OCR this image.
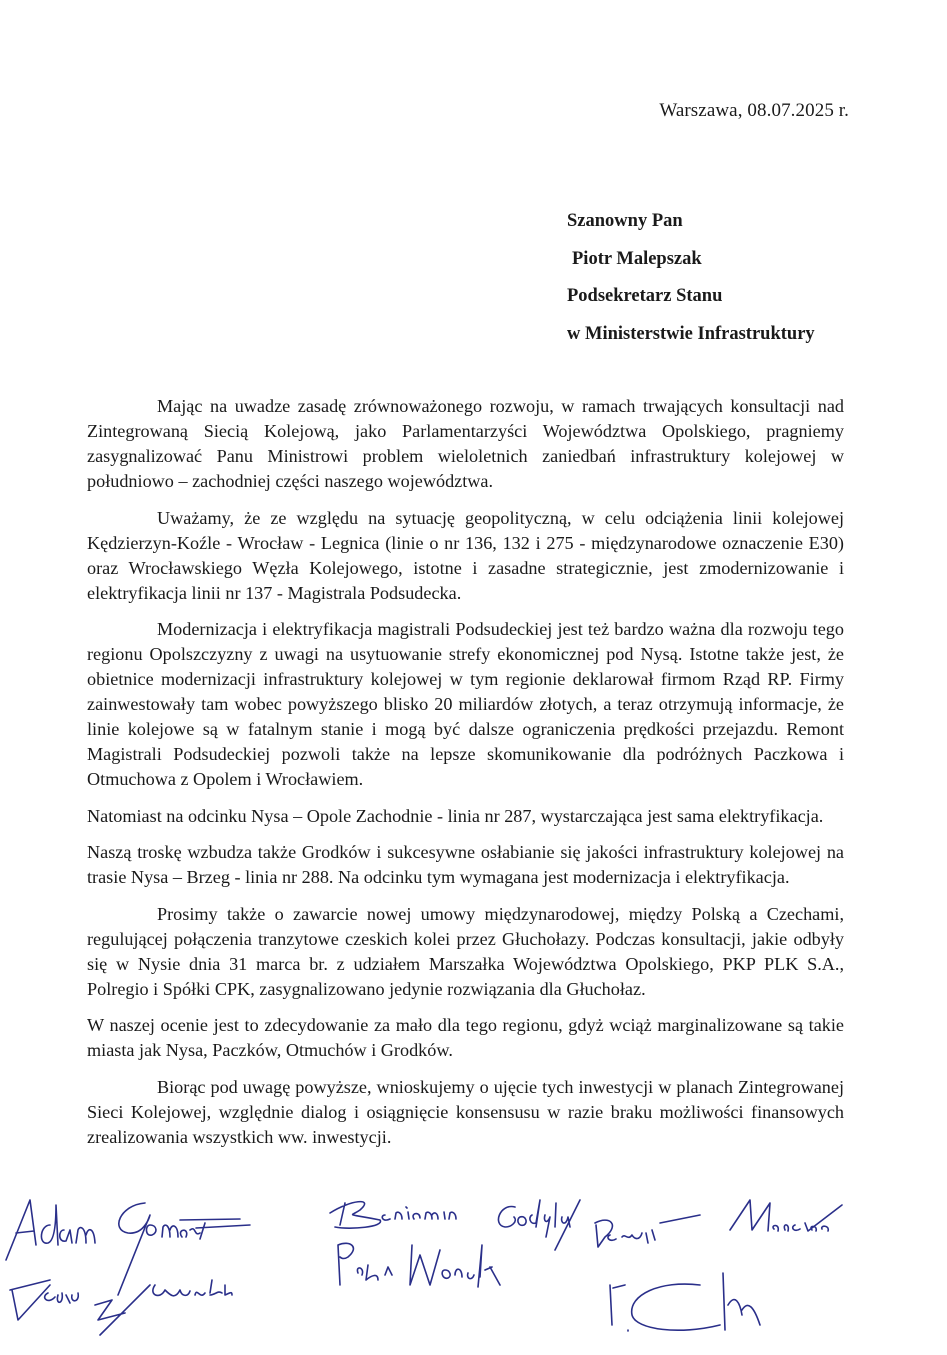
Warszawa, 08.07.2025 r.
Szanowny Pan
Piotr Malepszak
Podsekretarz Stanu
w Ministerstwie Infrastruktury

Mając na uwadze zasadę zrównoważonego rozwoju, w ramach trwających konsultacji nad Zintegrowaną Siecią Kolejową, jako Parlamentarzyści Województwa Opolskiego, pragniemy zasygnalizować Panu Ministrowi problem wieloletnich zaniedbań infrastruktury kolejowej w południowo – zachodniej części naszego województwa.

Uważamy, że ze względu na sytuację geopolityczną, w celu odciążenia linii kolejowej Kędzierzyn-Koźle - Wrocław - Legnica (linie o nr 136, 132 i 275 - międzynarodowe oznaczenie E30) oraz Wrocławskiego Węzła Kolejowego, istotne i zasadne strategicznie, jest zmodernizowanie i elektryfikacja linii nr 137 - Magistrala Podsudecka.

Modernizacja i elektryfikacja magistrali Podsudeckiej jest też bardzo ważna dla rozwoju tego regionu Opolszczyzny z uwagi na usytuowanie strefy ekonomicznej pod Nysą. Istotne także jest, że obietnice modernizacji infrastruktury kolejowej w tym regionie deklarował firmom Rząd RP. Firmy zainwestowały tam wobec powyższego blisko 20 miliardów złotych, a teraz otrzymują informacje, że linie kolejowe są w fatalnym stanie i mogą być dalsze ograniczenia prędkości przejazdu. Remont Magistrali Podsudeckiej pozwoli także na lepsze skomunikowanie dla podróżnych Paczkowa i Otmuchowa z Opolem i Wrocławiem.

Natomiast na odcinku Nysa – Opole Zachodnie - linia nr 287, wystarczająca jest sama elektryfikacja.

Naszą troskę wzbudza także Grodków i sukcesywne osłabianie się jakości infrastruktury kolejowej na trasie Nysa – Brzeg - linia nr 288. Na odcinku tym wymagana jest modernizacja i elektryfikacja.

Prosimy także o zawarcie nowej umowy międzynarodowej, między Polską a Czechami, regulującej połączenia tranzytowe czeskich kolei przez Głuchołazy. Podczas konsultacji, jakie odbyły się w Nysie dnia 31 marca br. z udziałem Marszałka Województwa Opolskiego, PKP PLK S.A., Polregio i Spółki CPK, zasygnalizowano jedynie rozwiązania dla Głuchołaz.

W naszej ocenie jest to zdecydowanie za mało dla tego regionu, gdyż wciąż marginalizowane są takie miasta jak Nysa, Paczków, Otmuchów i Grodków.

Biorąc pod uwagę powyższe, wnioskujemy o ujęcie tych inwestycji w planach Zintegrowanej Sieci Kolejowej, względnie dialog i osiągnięcie konsensusu w razie braku możliwości finansowych zrealizowania wszystkich ww. inwestycji.
